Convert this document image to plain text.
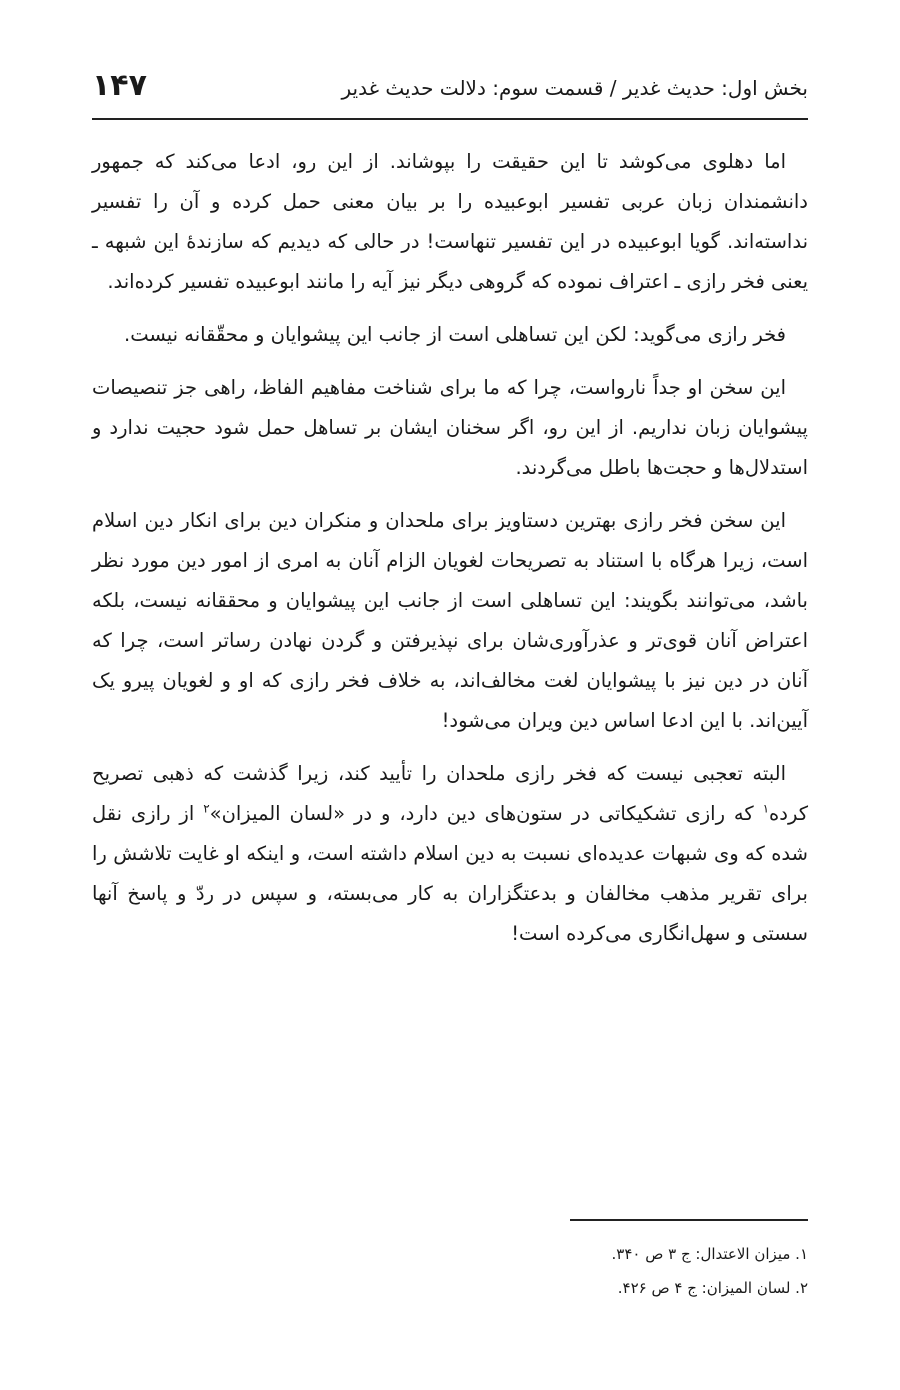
بخش اول: حدیث غدیر / قسمت سوم: دلالت حدیث غدیر
۱۴۷

اما دهلوی می‌کوشد تا این حقیقت را بپوشاند. از این رو، ادعا می‌کند که جمهور دانشمندان زبان عربی تفسیر ابوعبیده را بر بیان معنی حمل کرده و آن را تفسیر نداسته‌اند. گویا ابوعبیده در این تفسیر تنهاست! در حالی که دیدیم که سازندهٔ این شبهه ـ یعنی فخر رازی ـ اعتراف نموده که گروهی دیگر نیز آیه را مانند ابوعبیده تفسیر کرده‌اند.

فخر رازی می‌گوید: لکن این تساهلی است از جانب این پیشوایان و محقّقانه نیست.

این سخن او جداً نارواست، چرا که ما برای شناخت مفاهیم الفاظ، راهی جز تنصیصات پیشوایان زبان نداریم. از این رو، اگر سخنان ایشان بر تساهل حمل شود حجیت ندارد و استدلال‌ها و حجت‌ها باطل می‌گردند.

این سخن فخر رازی بهترین دستاویز برای ملحدان و منکران دین برای انکار دین اسلام است، زیرا هرگاه با استناد به تصریحات لغویان الزام آنان به امری از امور دین مورد نظر باشد، می‌توانند بگویند: این تساهلی است از جانب این پیشوایان و محققانه نیست، بلکه اعتراض آنان قوی‌تر و عذرآوری‌شان برای نپذیرفتن و گردن نهادن رساتر است، چرا که آنان در دین نیز با پیشوایان لغت مخالف‌اند، به خلاف فخر رازی که او و لغویان پیرو یک آیین‌اند. با این ادعا اساس دین ویران می‌شود!

البته تعجبی نیست که فخر رازی ملحدان را تأیید کند، زیرا گذشت که ذهبی تصریح کرده$^۱$ که رازی تشکیکاتی در ستون‌های دین دارد، و در «لسان المیزان»$^۲$ از رازی نقل شده که وی شبهات عدیده‌ای نسبت به دین اسلام داشته است، و اینکه او غایت تلاشش را برای تقریر مذهب مخالفان و بدعتگزاران به کار می‌بسته، و سپس در ردّ و پاسخ آنها سستی و سهل‌انگاری می‌کرده است!

۱. میزان الاعتدال: ج ۳ ص ۳۴۰.
۲. لسان المیزان: ج ۴ ص ۴۲۶.
